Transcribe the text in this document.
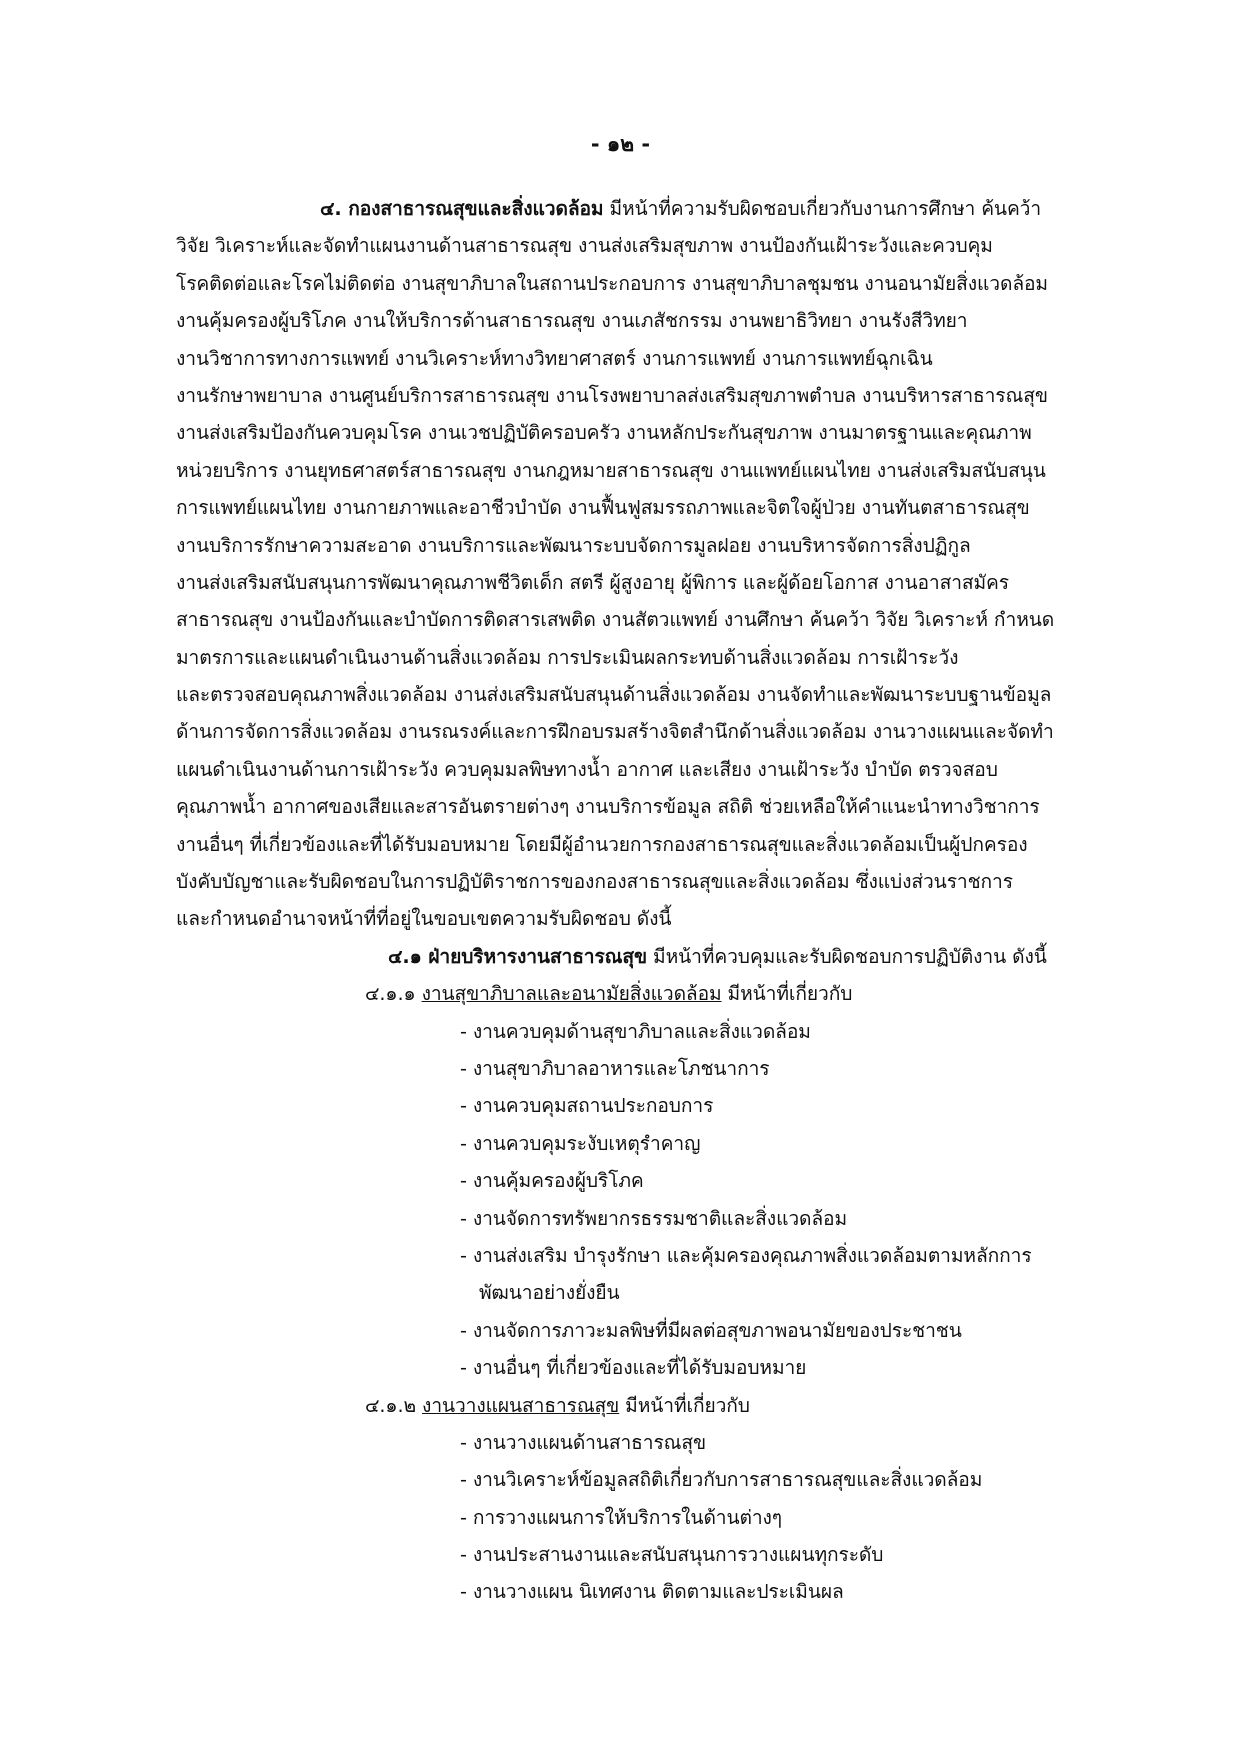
- ๑๒ -
๔. กองสาธารณสุขและสิ่งแวดล้อม มีหน้าที่ความรับผิดชอบเกี่ยวกับงานการศึกษา ค้นคว้า
วิจัย วิเคราะห์และจัดทำแผนงานด้านสาธารณสุข งานส่งเสริมสุขภาพ งานป้องกันเฝ้าระวังและควบคุม
โรคติดต่อและโรคไม่ติดต่อ งานสุขาภิบาลในสถานประกอบการ งานสุขาภิบาลชุมชน งานอนามัยสิ่งแวดล้อม
งานคุ้มครองผู้บริโภค งานให้บริการด้านสาธารณสุข งานเภสัชกรรม งานพยาธิวิทยา งานรังสีวิทยา
งานวิชาการทางการแพทย์ งานวิเคราะห์ทางวิทยาศาสตร์ งานการแพทย์ งานการแพทย์ฉุกเฉิน
งานรักษาพยาบาล งานศูนย์บริการสาธารณสุข งานโรงพยาบาลส่งเสริมสุขภาพตำบล งานบริหารสาธารณสุข
งานส่งเสริมป้องกันควบคุมโรค งานเวชปฏิบัติครอบครัว งานหลักประกันสุขภาพ งานมาตรฐานและคุณภาพ
หน่วยบริการ งานยุทธศาสตร์สาธารณสุข งานกฎหมายสาธารณสุข งานแพทย์แผนไทย งานส่งเสริมสนับสนุน
การแพทย์แผนไทย งานกายภาพและอาชีวบำบัด งานฟื้นฟูสมรรถภาพและจิตใจผู้ป่วย งานทันตสาธารณสุข
งานบริการรักษาความสะอาด งานบริการและพัฒนาระบบจัดการมูลฝอย งานบริหารจัดการสิ่งปฏิกูล
งานส่งเสริมสนับสนุนการพัฒนาคุณภาพชีวิตเด็ก สตรี ผู้สูงอายุ ผู้พิการ และผู้ด้อยโอกาส งานอาสาสมัคร
สาธารณสุข งานป้องกันและบำบัดการติดสารเสพติด งานสัตวแพทย์ งานศึกษา ค้นคว้า วิจัย วิเคราะห์ กำหนด
มาตรการและแผนดำเนินงานด้านสิ่งแวดล้อม การประเมินผลกระทบด้านสิ่งแวดล้อม การเฝ้าระวัง
และตรวจสอบคุณภาพสิ่งแวดล้อม งานส่งเสริมสนับสนุนด้านสิ่งแวดล้อม งานจัดทำและพัฒนาระบบฐานข้อมูล
ด้านการจัดการสิ่งแวดล้อม งานรณรงค์และการฝึกอบรมสร้างจิตสำนึกด้านสิ่งแวดล้อม งานวางแผนและจัดทำ
แผนดำเนินงานด้านการเฝ้าระวัง ควบคุมมลพิษทางน้ำ อากาศ และเสียง งานเฝ้าระวัง บำบัด ตรวจสอบ
คุณภาพน้ำ อากาศของเสียและสารอันตรายต่างๆ งานบริการข้อมูล สถิติ ช่วยเหลือให้คำแนะนำทางวิชาการ
งานอื่นๆ ที่เกี่ยวข้องและที่ได้รับมอบหมาย โดยมีผู้อำนวยการกองสาธารณสุขและสิ่งแวดล้อมเป็นผู้ปกครอง
บังคับบัญชาและรับผิดชอบในการปฏิบัติราชการของกองสาธารณสุขและสิ่งแวดล้อม ซึ่งแบ่งส่วนราชการ
และกำหนดอำนาจหน้าที่ที่อยู่ในขอบเขตความรับผิดชอบ ดังนี้
๔.๑ ฝ่ายบริหารงานสาธารณสุข มีหน้าที่ควบคุมและรับผิดชอบการปฏิบัติงาน ดังนี้
๔.๑.๑ งานสุขาภิบาลและอนามัยสิ่งแวดล้อม มีหน้าที่เกี่ยวกับ
- งานควบคุมด้านสุขาภิบาลและสิ่งแวดล้อม
- งานสุขาภิบาลอาหารและโภชนาการ
- งานควบคุมสถานประกอบการ
- งานควบคุมระงับเหตุรำคาญ
- งานคุ้มครองผู้บริโภค
- งานจัดการทรัพยากรธรรมชาติและสิ่งแวดล้อม
- งานส่งเสริม บำรุงรักษา และคุ้มครองคุณภาพสิ่งแวดล้อมตามหลักการ
พัฒนาอย่างยั่งยืน
- งานจัดการภาวะมลพิษที่มีผลต่อสุขภาพอนามัยของประชาชน
- งานอื่นๆ ที่เกี่ยวข้องและที่ได้รับมอบหมาย
๔.๑.๒ งานวางแผนสาธารณสุข มีหน้าที่เกี่ยวกับ
- งานวางแผนด้านสาธารณสุข
- งานวิเคราะห์ข้อมูลสถิติเกี่ยวกับการสาธารณสุขและสิ่งแวดล้อม
- การวางแผนการให้บริการในด้านต่างๆ
- งานประสานงานและสนับสนุนการวางแผนทุกระดับ
- งานวางแผน นิเทศงาน ติดตามและประเมินผล
